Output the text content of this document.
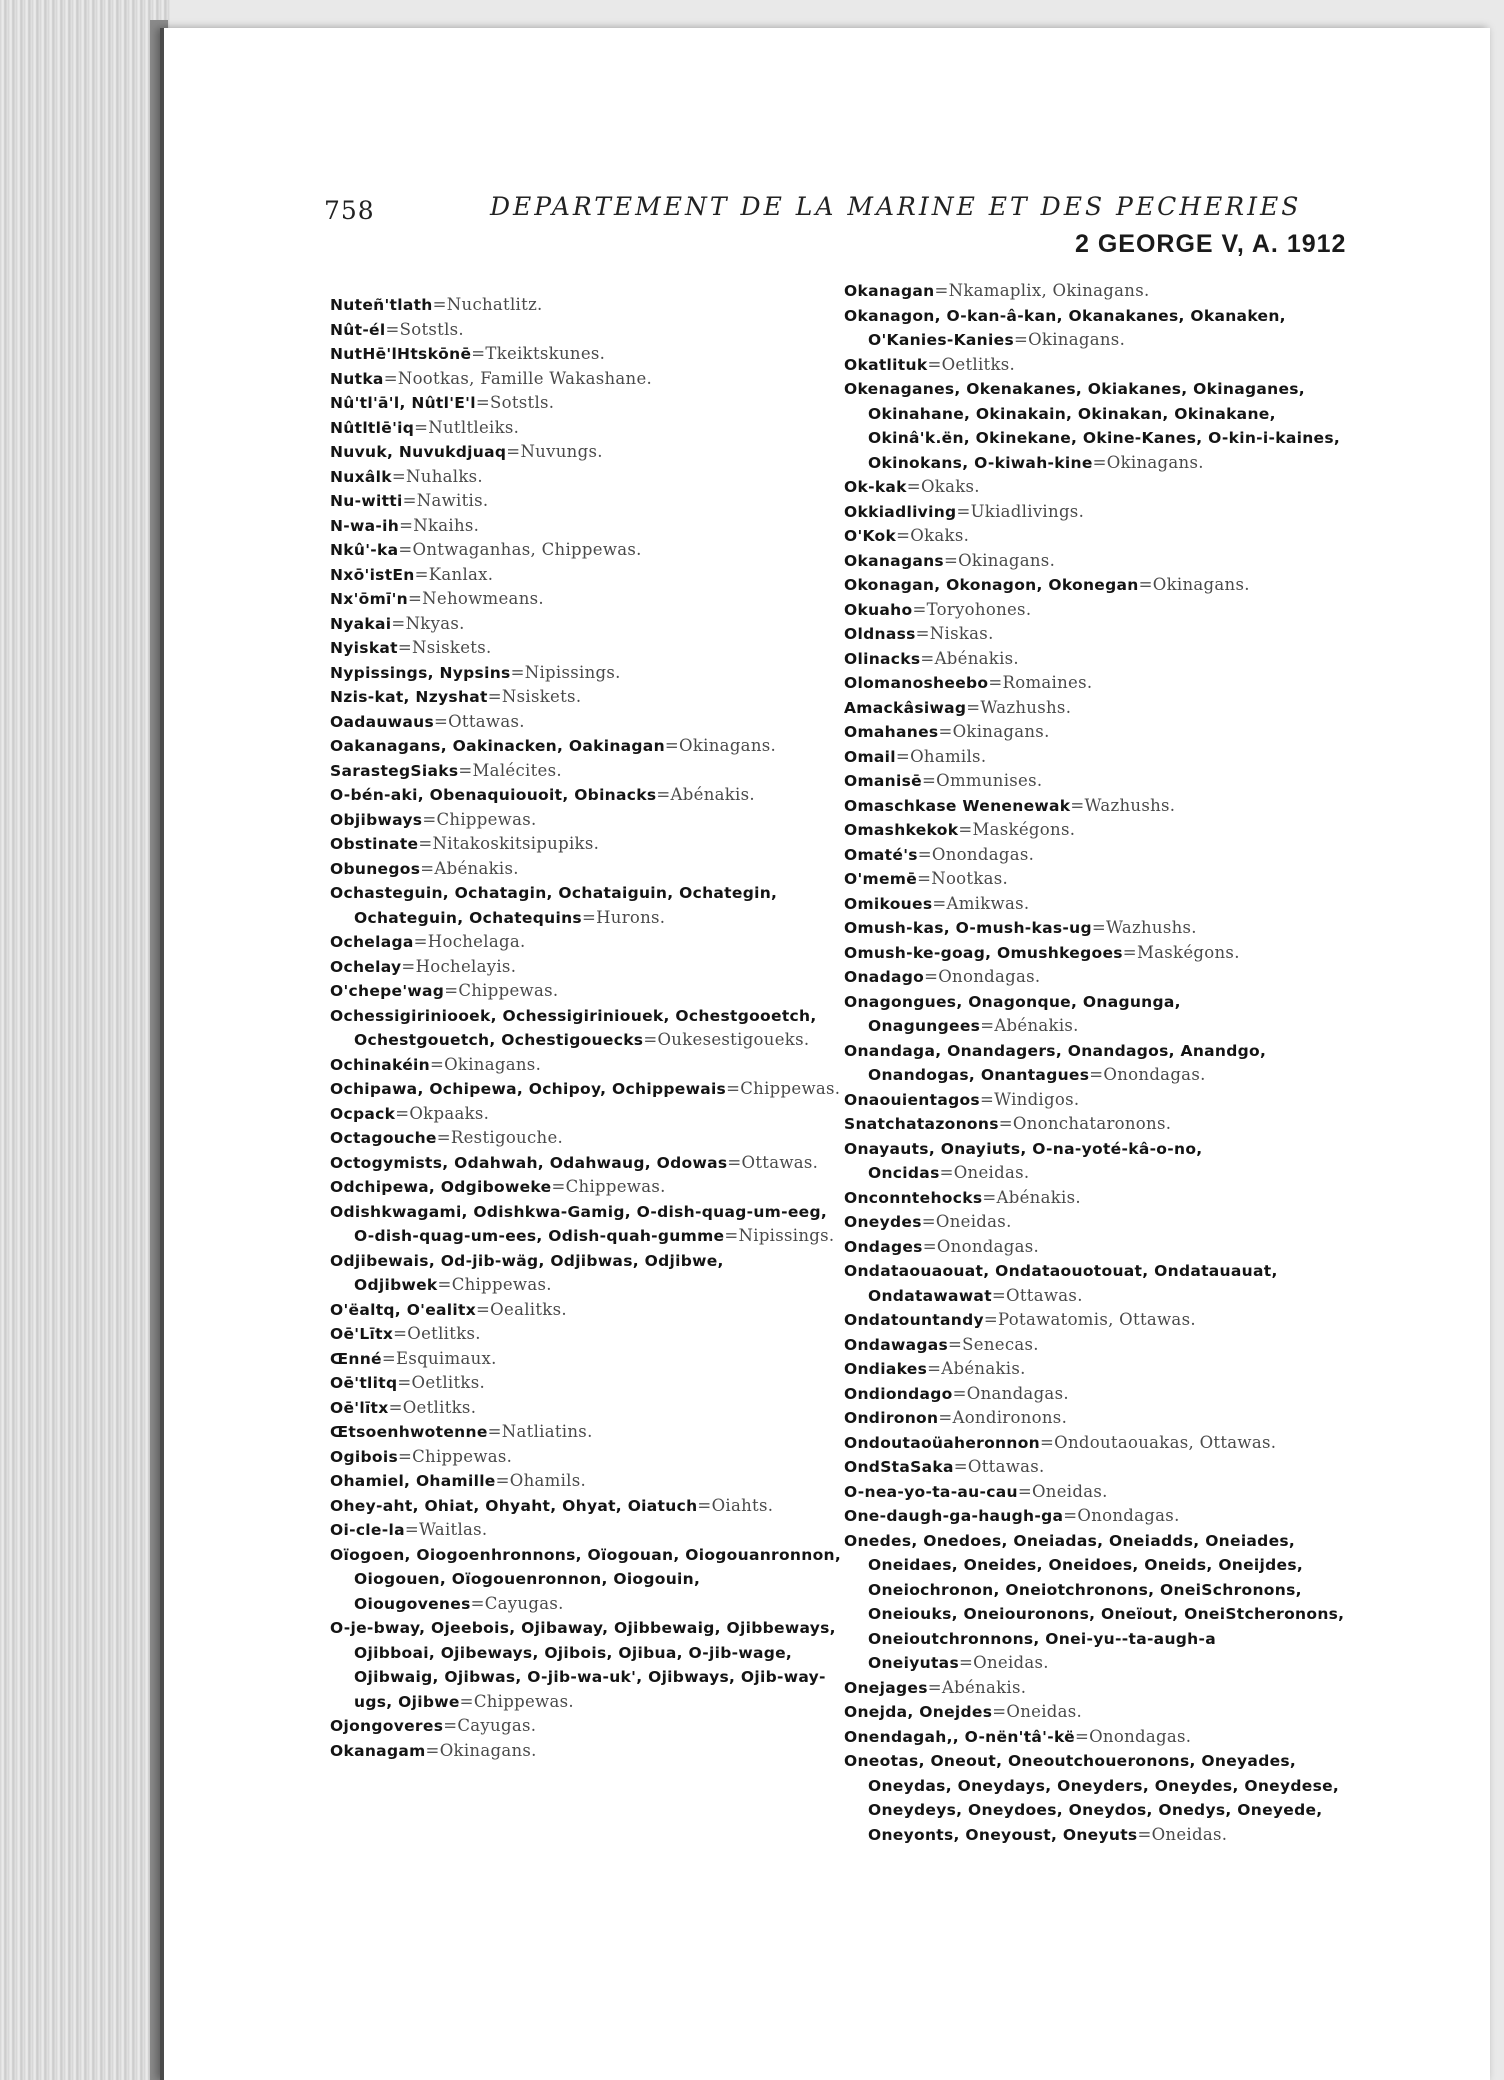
758	DEPARTEMENT DE LA MARINE ET DES PECHERIES
2 GEORGE V, A. 1912
Nuteñ'tlath=Nuchatlitz.
Nût-él=Sotstls.
NutHē'lHtskōnē=Tkeiktskunes.
Nutka=Nootkas, Famille Wakashane.
Nû'tl'ā'l, Nûtl'E'l=Sotstls.
Nûtltlē'iq=Nutltleiks.
Nuvuk, Nuvukdjuaq=Nuvungs.
Nuxâlk=Nuhalks.
Nu-witti=Nawitis.
N-wa-ih=Nkaihs.
Nkû'-ka=Ontwaganhas, Chippewas.
Nxō'istEn=Kanlax.
Nx'ōmī'n=Nehowmeans.
Nyakai=Nkyas.
Nyiskat=Nsiskets.
Nypissings, Nypsins=Nipissings.
Nzis-kat, Nzyshat=Nsiskets.
Oadauwaus=Ottawas.
Oakanagans, Oakinacken, Oakinagan=Okinagans.
SarastegSiaks=Malécites.
O-bén-aki, Obenaquiouoit, Obinacks=Abénakis.
Objibways=Chippewas.
Obstinate=Nitakoskitsipupiks.
Obunegos=Abénakis.
Ochasteguin, Ochatagin, Ochataiguin, Ochategin, Ochateguin, Ochatequins=Hurons.
Ochelaga=Hochelaga.
Ochelay=Hochelayis.
O'chepe'wag=Chippewas.
Ochessigiriniooek, Ochessigiriniouek, Ochestgooetch, Ochestgouetch, Ochestigouecks=Oukesestigoueks.
Ochinakéin=Okinagans.
Ochipawa, Ochipewa, Ochipoy, Ochippewais=Chippewas.
Ocpack=Okpaaks.
Octagouche=Restigouche.
Octogymists, Odahwah, Odahwaug, Odowas=Ottawas.
Odchipewa, Odgiboweke=Chippewas.
Odishkwagami, Odishkwa-Gamig, O-dish-quag-um-eeg, O-dish-quag-um-ees, Odish-quah-gumme=Nipissings.
Odjibewais, Od-jib-wäg, Odjibwas, Odjibwe, Odjibwek=Chippewas.
O'ëaltq, O'ealitx=Oealitks.
Oē'Lītx=Oetlitks.
Œnné=Esquimaux.
Oē'tlitq=Oetlitks.
Oē'lītx=Oetlitks.
Œtsoenhwotenne=Natliatins.
Ogibois=Chippewas.
Ohamiel, Ohamille=Ohamils.
Ohey-aht, Ohiat, Ohyaht, Ohyat, Oiatuch=Oiahts.
Oi-cle-la=Waitlas.
Oïogoen, Oiogoenhronnons, Oïogouan, Oiogouanronnon, Oiogouen, Oïogouenronnon, Oiogouin, Oiougovenes=Cayugas.
O-je-bway, Ojeebois, Ojibaway, Ojibbewaig, Ojibbeways, Ojibboai, Ojibeways, Ojibois, Ojibua, O-jib-wage, Ojibwaig, Ojibwas, O-jib-wa-uk', Ojibways, Ojib-way-ugs, Ojibwe=Chippewas.
Ojongoveres=Cayugas.
Okanagam=Okinagans.
Okanagan=Nkamaplix, Okinagans.
Okanagon, O-kan-â-kan, Okanakanes, Okanaken, O'Kanies-Kanies=Okinagans.
Okatlituk=Oetlitks.
Okenaganes, Okenakanes, Okiakanes, Okinaganes, Okinahane, Okinakain, Okinakan, Okinakane, Okinâ'k.ën, Okinekane, Okine-Kanes, O-kin-i-kaines, Okinokans, O-kiwah-kine=Okinagans.
Ok-kak=Okaks.
Okkiadliving=Ukiadlivings.
O'Kok=Okaks.
Okanagans=Okinagans.
Okonagan, Okonagon, Okonegan=Okinagans.
Okuaho=Toryohones.
Oldnass=Niskas.
Olinacks=Abénakis.
Olomanosheebo=Romaines.
Amackâsiwag=Wazhushs.
Omahanes=Okinagans.
Omail=Ohamils.
Omanisē=Ommunises.
Omaschkase Wenenewak=Wazhushs.
Omashkekok=Maskégons.
Omaté's=Onondagas.
O'memē=Nootkas.
Omikoues=Amikwas.
Omush-kas, O-mush-kas-ug=Wazhushs.
Omush-ke-goag, Omushkegoes=Maskégons.
Onadago=Onondagas.
Onagongues, Onagonque, Onagunga, Onagungees=Abénakis.
Onandaga, Onandagers, Onandagos, Anandgo, Onandogas, Onantagues=Onondagas.
Onaouientagos=Windigos.
Snatchatazonons=Ononchataronons.
Onayauts, Onayiuts, O-na-yoté-kâ-o-no, Oncidas=Oneidas.
Onconntehocks=Abénakis.
Oneydes=Oneidas.
Ondages=Onondagas.
Ondataouaouat, Ondataouotouat, Ondatauauat, Ondatawawat=Ottawas.
Ondatountandy=Potawatomis, Ottawas.
Ondawagas=Senecas.
Ondiakes=Abénakis.
Ondiondago=Onandagas.
Ondironon=Aondironons.
Ondoutaoüaheronnon=Ondoutaouakas, Ottawas.
OndStaSaka=Ottawas.
O-nea-yo-ta-au-cau=Oneidas.
One-daugh-ga-haugh-ga=Onondagas.
Onedes, Onedoes, Oneiadas, Oneiadds, Oneiades, Oneidaes, Oneides, Oneidoes, Oneids, Oneijdes, Oneiochronon, Oneiotchronons, OneiSchronons, Oneiouks, Oneiouronons, Oneïout, OneiStcheronons, Oneioutchronnons, Onei-yu--ta-augh-a Oneiyutas=Oneidas.
Onejages=Abénakis.
Onejda, Onejdes=Oneidas.
Onendagah,, O-nën'tâ'-kë=Onondagas.
Oneotas, Oneout, Oneoutchoueronons, Oneyades, Oneydas, Oneydays, Oneyders, Oneydes, Oneydese, Oneydeys, Oneydoes, Oneydos, Onedys, Oneyede, Oneyonts, Oneyoust, Oneyuts=Oneidas.
